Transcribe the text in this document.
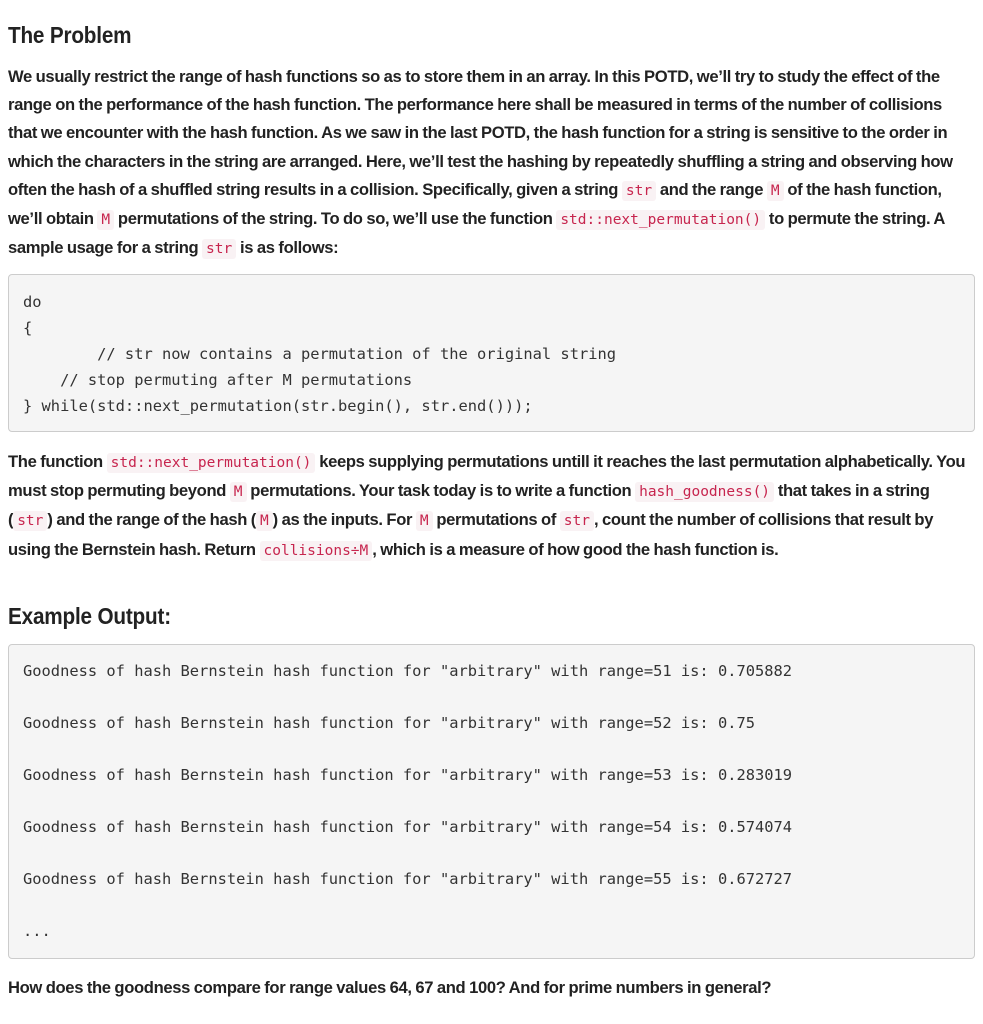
The Problem

We usually restrict the range of hash functions so as to store them in an array. In this POTD, we’ll try to study the effect of the range on the performance of the hash function. The performance here shall be measured in terms of the number of collisions that we encounter with the hash function. As we saw in the last POTD, the hash function for a string is sensitive to the order in which the characters in the string are arranged. Here, we’ll test the hashing by repeatedly shuffling a string and observing how often the hash of a shuffled string results in a collision. Specifically, given a string str and the range M of the hash function, we’ll obtain M permutations of the string. To do so, we’ll use the function std::next_permutation() to permute the string. A sample usage for a string str is as follows:

do
{
// str now contains a permutation of the original string
// stop permuting after M permutations
} while(std::next_permutation(str.begin(), str.end()));

The function std::next_permutation() keeps supplying permutations untill it reaches the last permutation alphabetically. You must stop permuting beyond M permutations. Your task today is to write a function hash_goodness() that takes in a string ( str ) and the range of the hash ( M ) as the inputs. For M permutations of str , count the number of collisions that result by using the Bernstein hash. Return collisions÷M , which is a measure of how good the hash function is.

Example Output:
Goodness of hash Bernstein hash function for "arbitrary" with range=51 is: 0.705882
Goodness of hash Bernstein hash function for "arbitrary" with range=52 is: 0.75
Goodness of hash Bernstein hash function for "arbitrary" with range=53 is: 0.283019
Goodness of hash Bernstein hash function for "arbitrary" with range=54 is: 0.574074
Goodness of hash Bernstein hash function for "arbitrary" with range=55 is: 0.672727
...

How does the goodness compare for range values 64, 67 and 100? And for prime numbers in general?
